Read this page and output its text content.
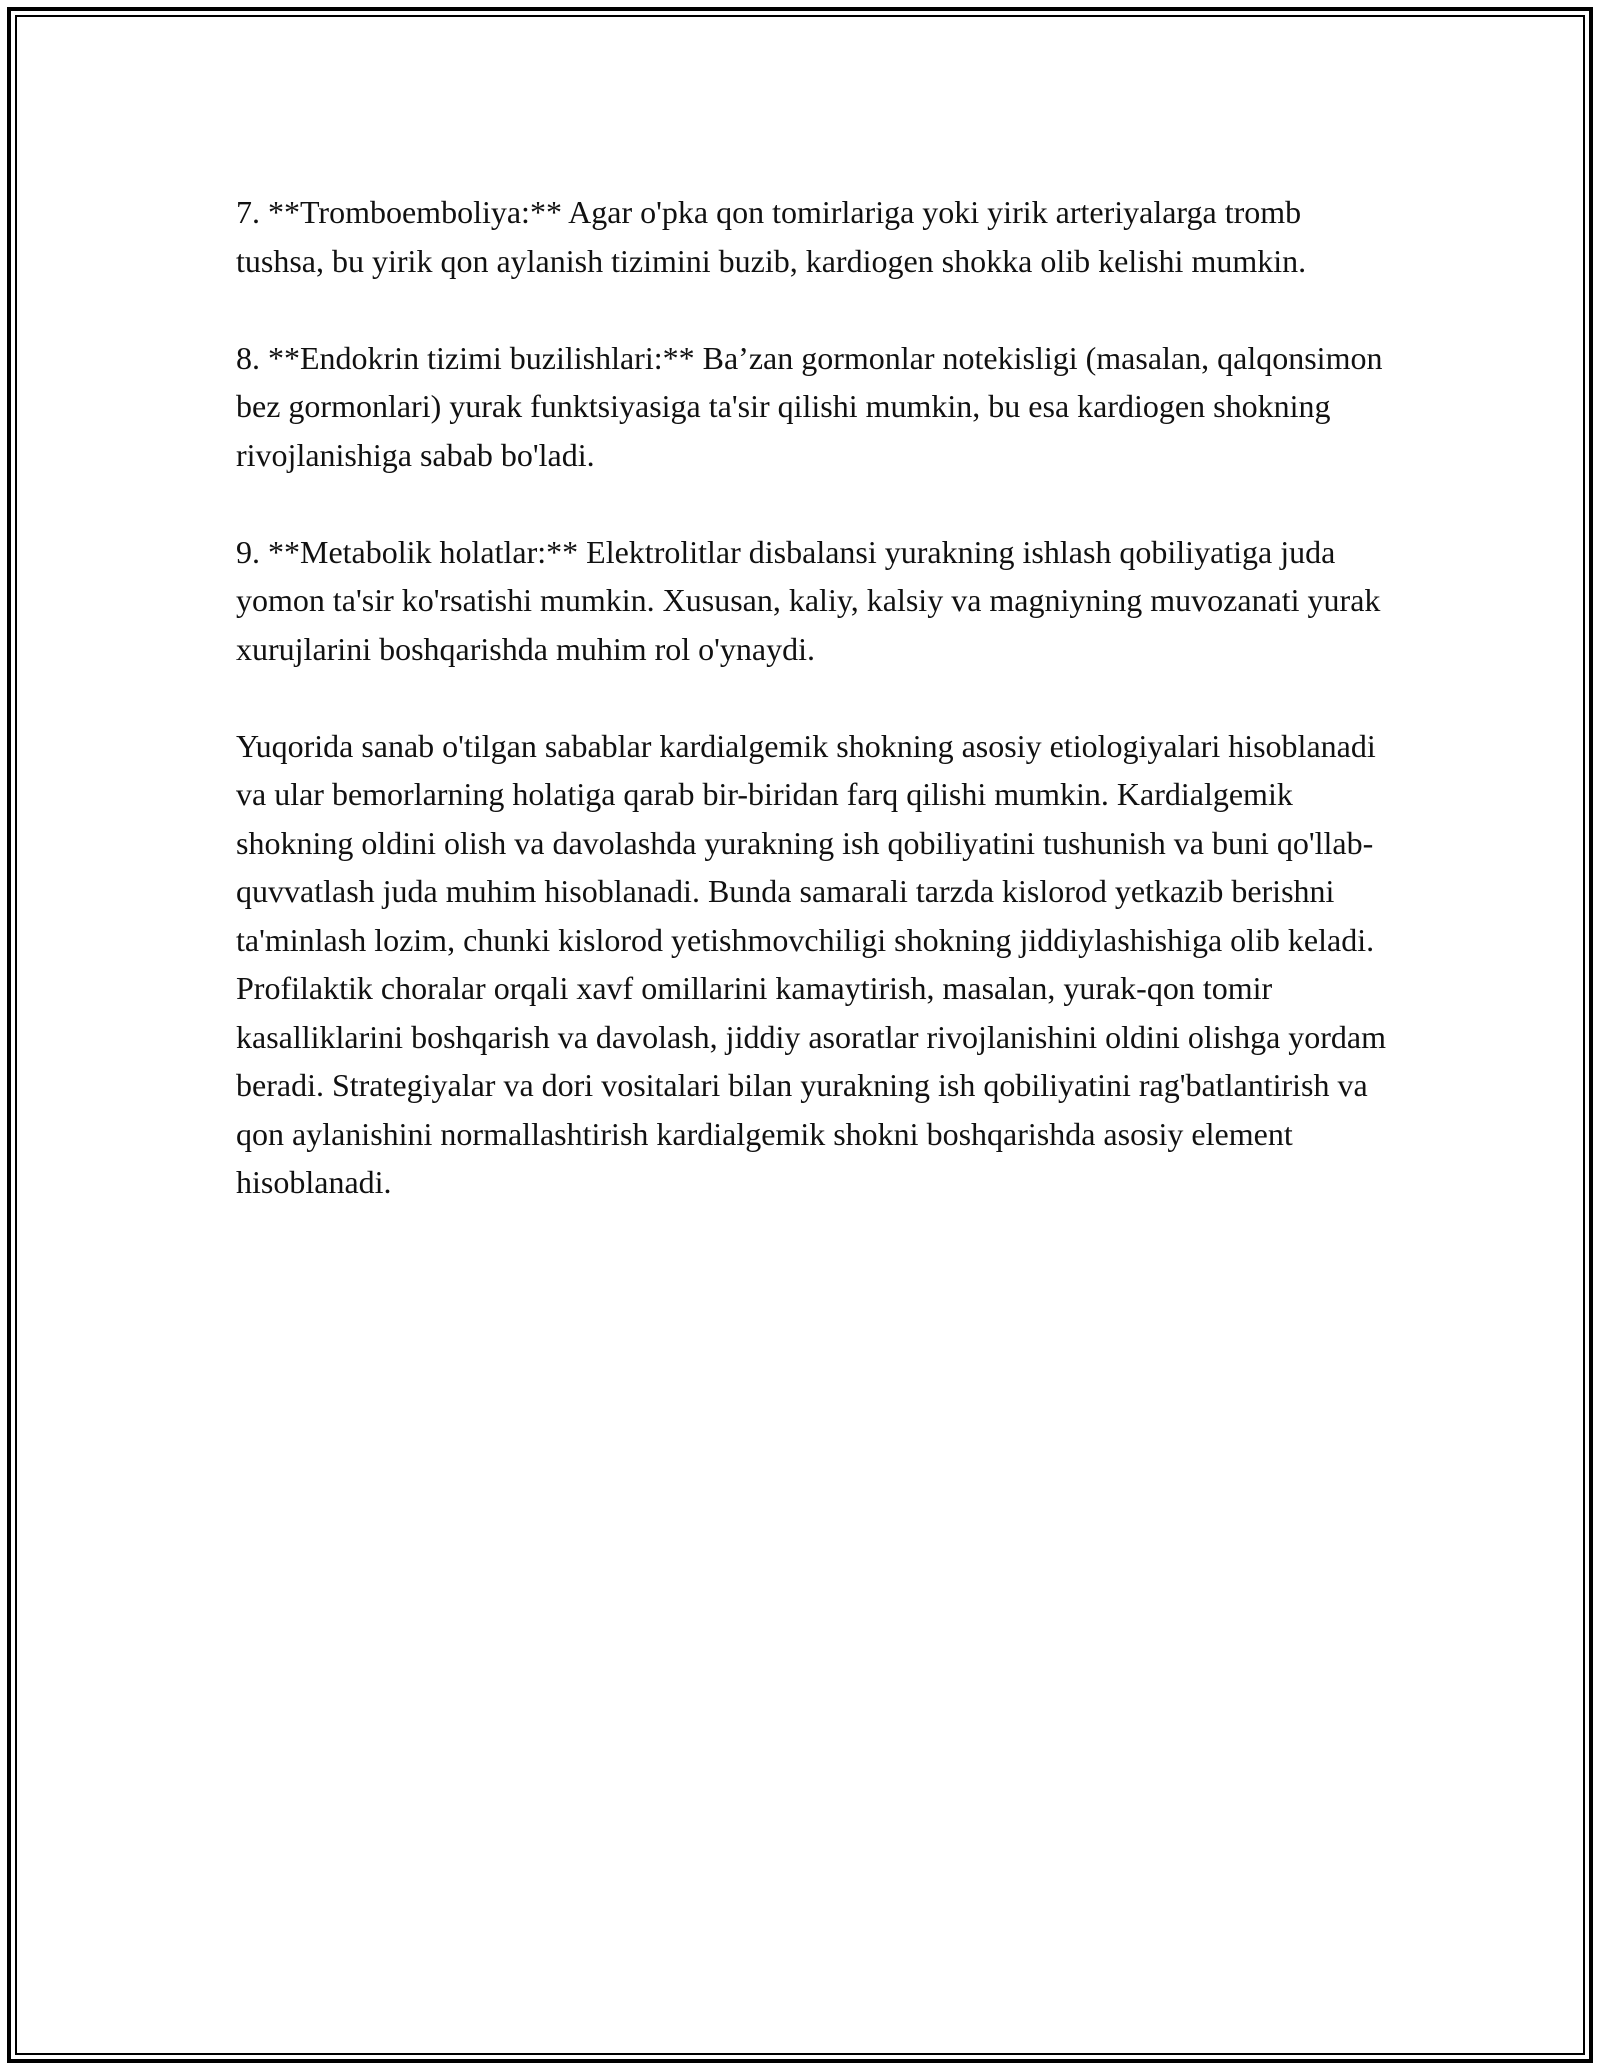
7. **Tromboemboliya:** Agar o'pka qon tomirlariga yoki yirik arteriyalarga tromb tushsa, bu yirik qon aylanish tizimini buzib, kardiogen shokka olib kelishi mumkin.

8. **Endokrin tizimi buzilishlari:** Ba’zan gormonlar notekisligi (masalan, qalqonsimon bez gormonlari) yurak funktsiyasiga ta'sir qilishi mumkin, bu esa kardiogen shokning rivojlanishiga sabab bo'ladi.

9. **Metabolik holatlar:** Elektrolitlar disbalansi yurakning ishlash qobiliyatiga juda yomon ta'sir ko'rsatishi mumkin. Xususan, kaliy, kalsiy va magniyning muvozanati yurak xurujlarini boshqarishda muhim rol o'ynaydi.

Yuqorida sanab o'tilgan sabablar kardialgemik shokning asosiy etiologiyalari hisoblanadi va ular bemorlarning holatiga qarab bir-biridan farq qilishi mumkin. Kardialgemik shokning oldini olish va davolashda yurakning ish qobiliyatini tushunish va buni qo'llab-quvvatlash juda muhim hisoblanadi. Bunda samarali tarzda kislorod yetkazib berishni ta'minlash lozim, chunki kislorod yetishmovchiligi shokning jiddiylashishiga olib keladi. Profilaktik choralar orqali xavf omillarini kamaytirish, masalan, yurak-qon tomir kasalliklarini boshqarish va davolash, jiddiy asoratlar rivojlanishini oldini olishga yordam beradi. Strategiyalar va dori vositalari bilan yurakning ish qobiliyatini rag'batlantirish va qon aylanishini normallashtirish kardialgemik shokni boshqarishda asosiy element hisoblanadi.
